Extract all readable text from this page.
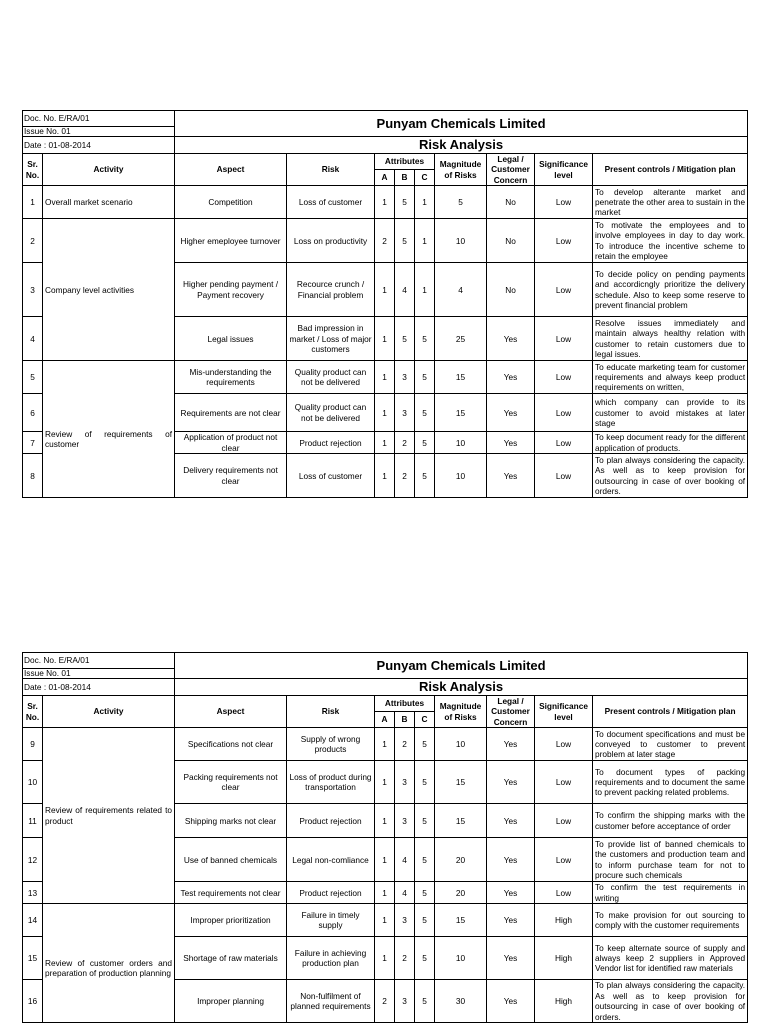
Doc. No. E/RA/01		Punyam Chemicals Limited								
Issue No. 01										
Date : 01-08-2014		Risk Analysis								
Sr. No.	Activity	Aspect	Risk	Attributes			Magnitude of Risks	Legal / Customer Concern	Significance level	Present controls / Mitigation plan
				A	B	C				
1	Overall market scenario	Competition	Loss of customer	1	5	1	5	No	Low	To develop alterante market and penetrate the other area to sustain in the market
2	Company level activities	Higher emeployee turnover	Loss on productivity	2	5	1	10	No	Low	To motivate the employees and to involve employees in day to day work. To introduce the incentive scheme to retain the employee
3		Higher pending payment / Payment recovery	Recource crunch / Financial problem	1	4	1	4	No	Low	To decide policy on pending payments and accordicngly prioritize the delivery schedule. Also to keep some reserve to prevent financial problem
4		Legal issues	Bad impression in market / Loss of major customers	1	5	5	25	Yes	Low	Resolve issues immediately and maintain always healthy relation with customer to retain customers due to legal issues.
5	Review of requirements of customer	Mis-understanding the requirements	Quality product can not be delivered	1	3	5	15	Yes	Low	To educate marketing team for customer requirements and always keep product requirements on written,
6		Requirements are not clear	Quality product can not be delivered	1	3	5	15	Yes	Low	which company can provide to its customer to avoid mistakes at later stage
7		Application of product not clear	Product rejection	1	2	5	10	Yes	Low	To keep document ready for the different application of products.
8		Delivery requirements not clear	Loss of customer	1	2	5	10	Yes	Low	To plan always considering the capacity. As well as to keep provision for outsourcing in case of over booking of orders.
Doc. No. E/RA/01		Punyam Chemicals Limited								
Issue No. 01										
Date : 01-08-2014		Risk Analysis								
Sr. No.	Activity	Aspect	Risk	Attributes			Magnitude of Risks	Legal / Customer Concern	Significance level	Present controls / Mitigation plan
				A	B	C				
9	Review of requirements related to product	Specifications not clear	Supply of wrong products	1	2	5	10	Yes	Low	To document specifications and must be conveyed to customer to prevent problem at later stage
10		Packing requirements not clear	Loss of product during transportation	1	3	5	15	Yes	Low	To document types of packing requirements and to document the same to prevent packing related problems.
11		Shipping marks not clear	Product rejection	1	3	5	15	Yes	Low	To confirm the shipping marks with the customer before acceptance of order
12		Use of banned chemicals	Legal non-comliance	1	4	5	20	Yes	Low	To provide list of banned chemicals to the customers and production team and to inform purchase team for not to procure such chemicals
13		Test requirements not clear	Product rejection	1	4	5	20	Yes	Low	To confirm the test requirements in writing
14	Review of customer orders and preparation of production planning	Improper prioritization	Failure in timely supply	1	3	5	15	Yes	High	To make provision for out sourcing to comply with the customer requirements
15		Shortage of raw materials	Failure in achieving production plan	1	2	5	10	Yes	High	To keep alternate source of supply and always keep 2 suppliers in Approved Vendor list for identified raw materials
16		Improper planning	Non-fulfilment of planned requirements	2	3	5	30	Yes	High	To plan always considering the capacity. As well as to keep provision for outsourcing in case of over booking of orders.
